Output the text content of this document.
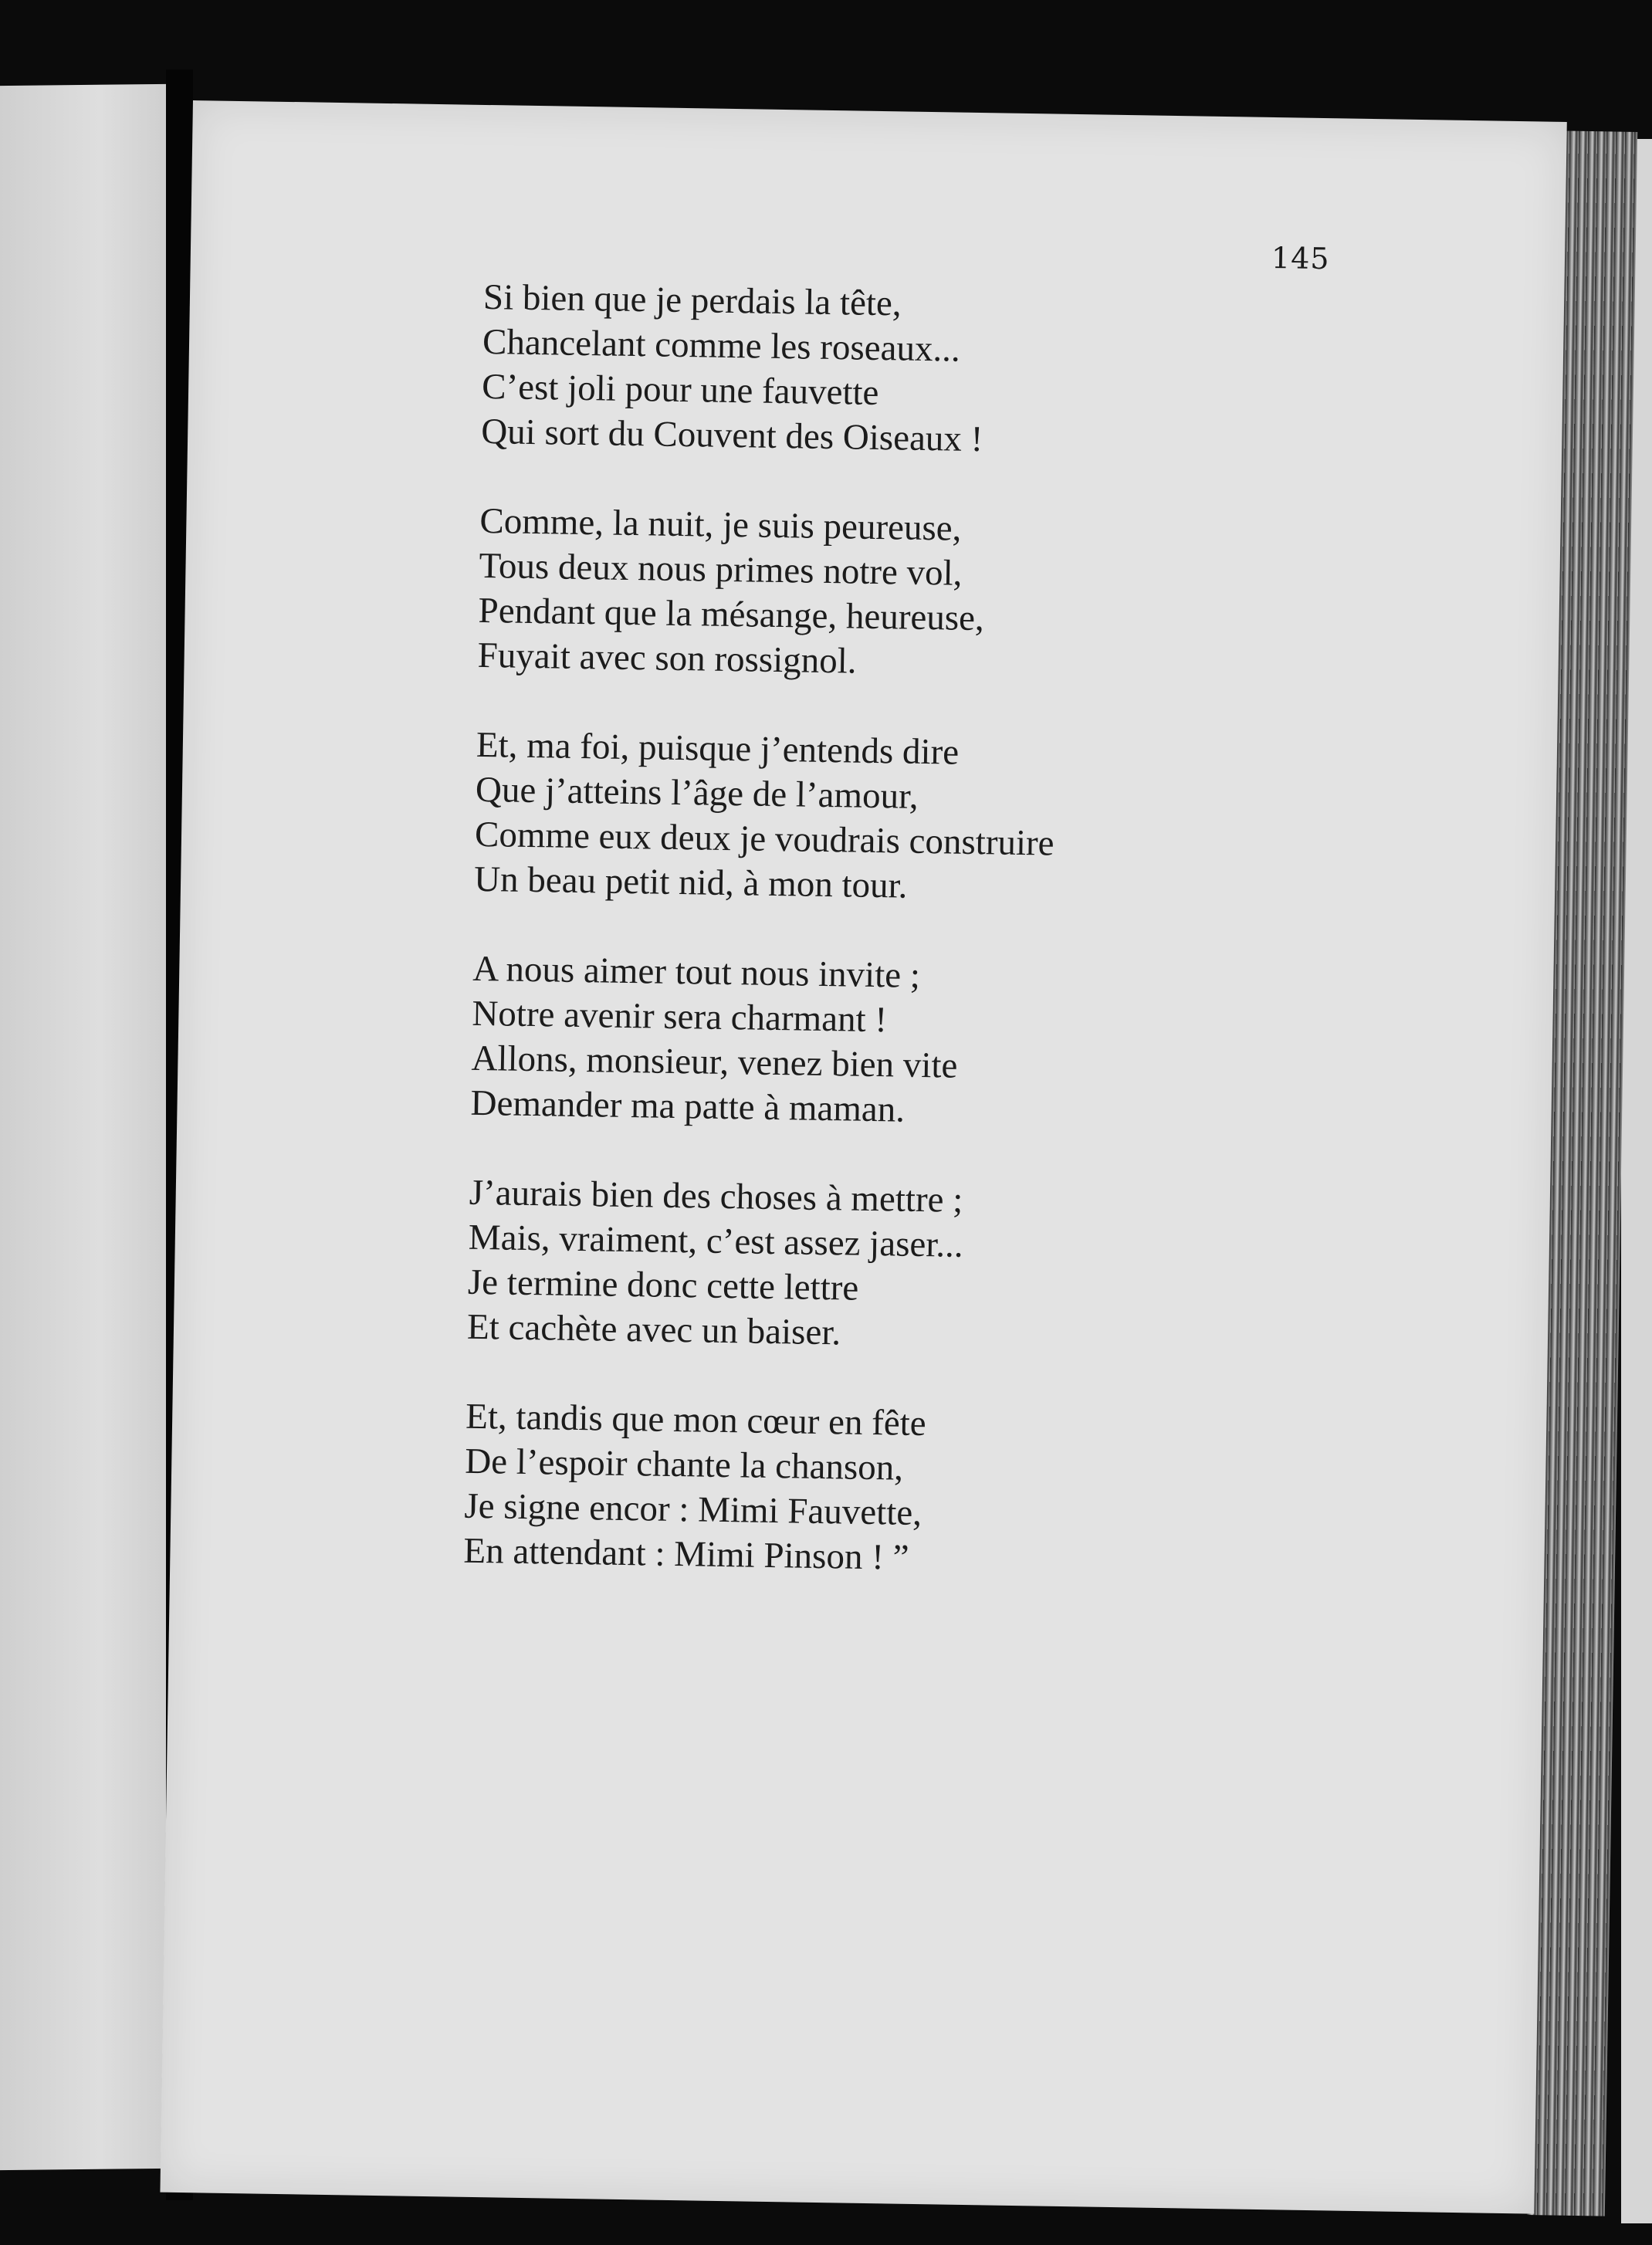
145
Si bien que je perdais la tête,
Chancelant comme les roseaux...
C’est joli pour une fauvette
Qui sort du Couvent des Oiseaux !
Comme, la nuit, je suis peureuse,
Tous deux nous primes notre vol,
Pendant que la mésange, heureuse,
Fuyait avec son rossignol.
Et, ma foi, puisque j’entends dire
Que j’atteins l’âge de l’amour,
Comme eux deux je voudrais construire
Un beau petit nid, à mon tour.
A nous aimer tout nous invite ;
Notre avenir sera charmant !
Allons, monsieur, venez bien vite
Demander ma patte à maman.
J’aurais bien des choses à mettre ;
Mais, vraiment, c’est assez jaser...
Je termine donc cette lettre
Et cachète avec un baiser.
Et, tandis que mon cœur en fête
De l’espoir chante la chanson,
Je signe encor : Mimi Fauvette,
En attendant : Mimi Pinson ! ”
